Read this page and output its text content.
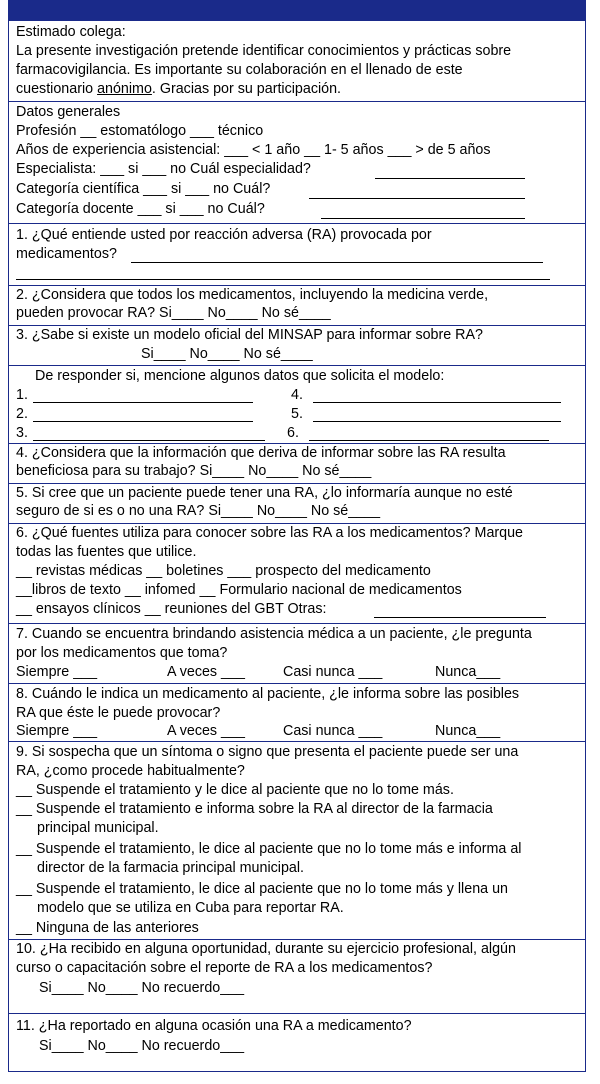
Estimado colega:
La presente investigación pretende identificar conocimientos y prácticas sobre
farmacovigilancia. Es importante su colaboración en el llenado de este
cuestionario anónimo. Gracias por su participación.
Datos generales
Profesión __ estomatólogo ___ técnico
Años de experiencia asistencial: ___ < 1 año __ 1- 5 años ___ > de 5 años
Especialista: ___ si ___ no Cuál especialidad?
Categoría científica ___ si ___ no Cuál?
Categoría docente ___ si ___ no Cuál?
1. ¿Qué entiende usted por reacción adversa (RA) provocada por
medicamentos?
2. ¿Considera que todos los medicamentos, incluyendo la medicina verde,
pueden provocar RA? Si____ No____ No sé____
3. ¿Sabe si existe un modelo oficial del MINSAP para informar sobre RA?
Si____ No____ No sé____
De responder si, mencione algunos datos que solicita el modelo:
1.
2.
3.
4.
5.
6.
4. ¿Considera que la información que deriva de informar sobre las RA resulta
beneficiosa para su trabajo? Si____ No____ No sé____
5. Si cree que un paciente puede tener una RA, ¿lo informaría aunque no esté
seguro de si es o no una RA? Si____ No____ No sé____
6. ¿Qué fuentes utiliza para conocer sobre las RA a los medicamentos? Marque
todas las fuentes que utilice.
__ revistas médicas __ boletines ___ prospecto del medicamento
__libros de texto __ infomed __ Formulario nacional de medicamentos
__ ensayos clínicos __ reuniones del GBT Otras:
7. Cuando se encuentra brindando asistencia médica a un paciente, ¿le pregunta
por los medicamentos que toma?
Siempre ___	A veces ___	Casi nunca ___	Nunca___
8. Cuándo le indica un medicamento al paciente, ¿le informa sobre las posibles
RA que éste le puede provocar?
Siempre ___	A veces ___	Casi nunca ___	Nunca___
9. Si sospecha que un síntoma o signo que presenta el paciente puede ser una
RA, ¿como procede habitualmente?
__ Suspende el tratamiento y le dice al paciente que no lo tome más.
__ Suspende el tratamiento e informa sobre la RA al director de la farmacia
principal municipal.
__ Suspende el tratamiento, le dice al paciente que no lo tome más e informa al
director de la farmacia principal municipal.
__ Suspende el tratamiento, le dice al paciente que no lo tome más y llena un
modelo que se utiliza en Cuba para reportar RA.
__ Ninguna de las anteriores
10. ¿Ha recibido en alguna oportunidad, durante su ejercicio profesional, algún
curso o capacitación sobre el reporte de RA a los medicamentos?
Si____ No____ No recuerdo___
11. ¿Ha reportado en alguna ocasión una RA a medicamento?
Si____ No____ No recuerdo___
